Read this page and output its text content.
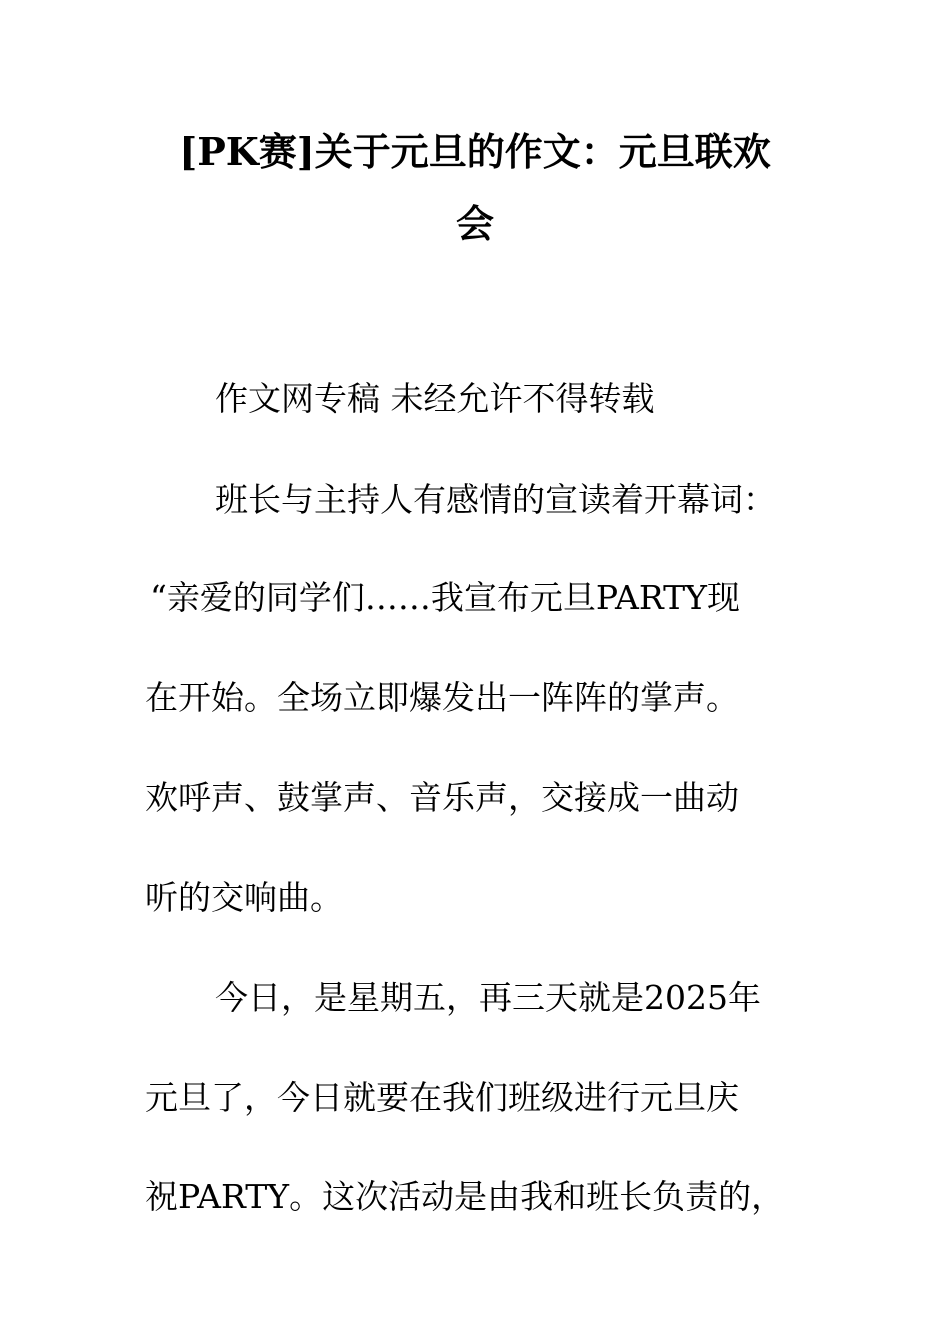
[PK赛]关于元旦的作文：元旦联欢
会

作文网专稿 未经允许不得转载

班长与主持人有感情的宣读着开幕词：

“亲爱的同学们……我宣布元旦PARTY现

在开始。全场立即爆发出一阵阵的掌声。

欢呼声、鼓掌声、音乐声，交接成一曲动

听的交响曲。

今日，是星期五，再三天就是2025年

元旦了，今日就要在我们班级进行元旦庆

祝PARTY。这次活动是由我和班长负责的，
